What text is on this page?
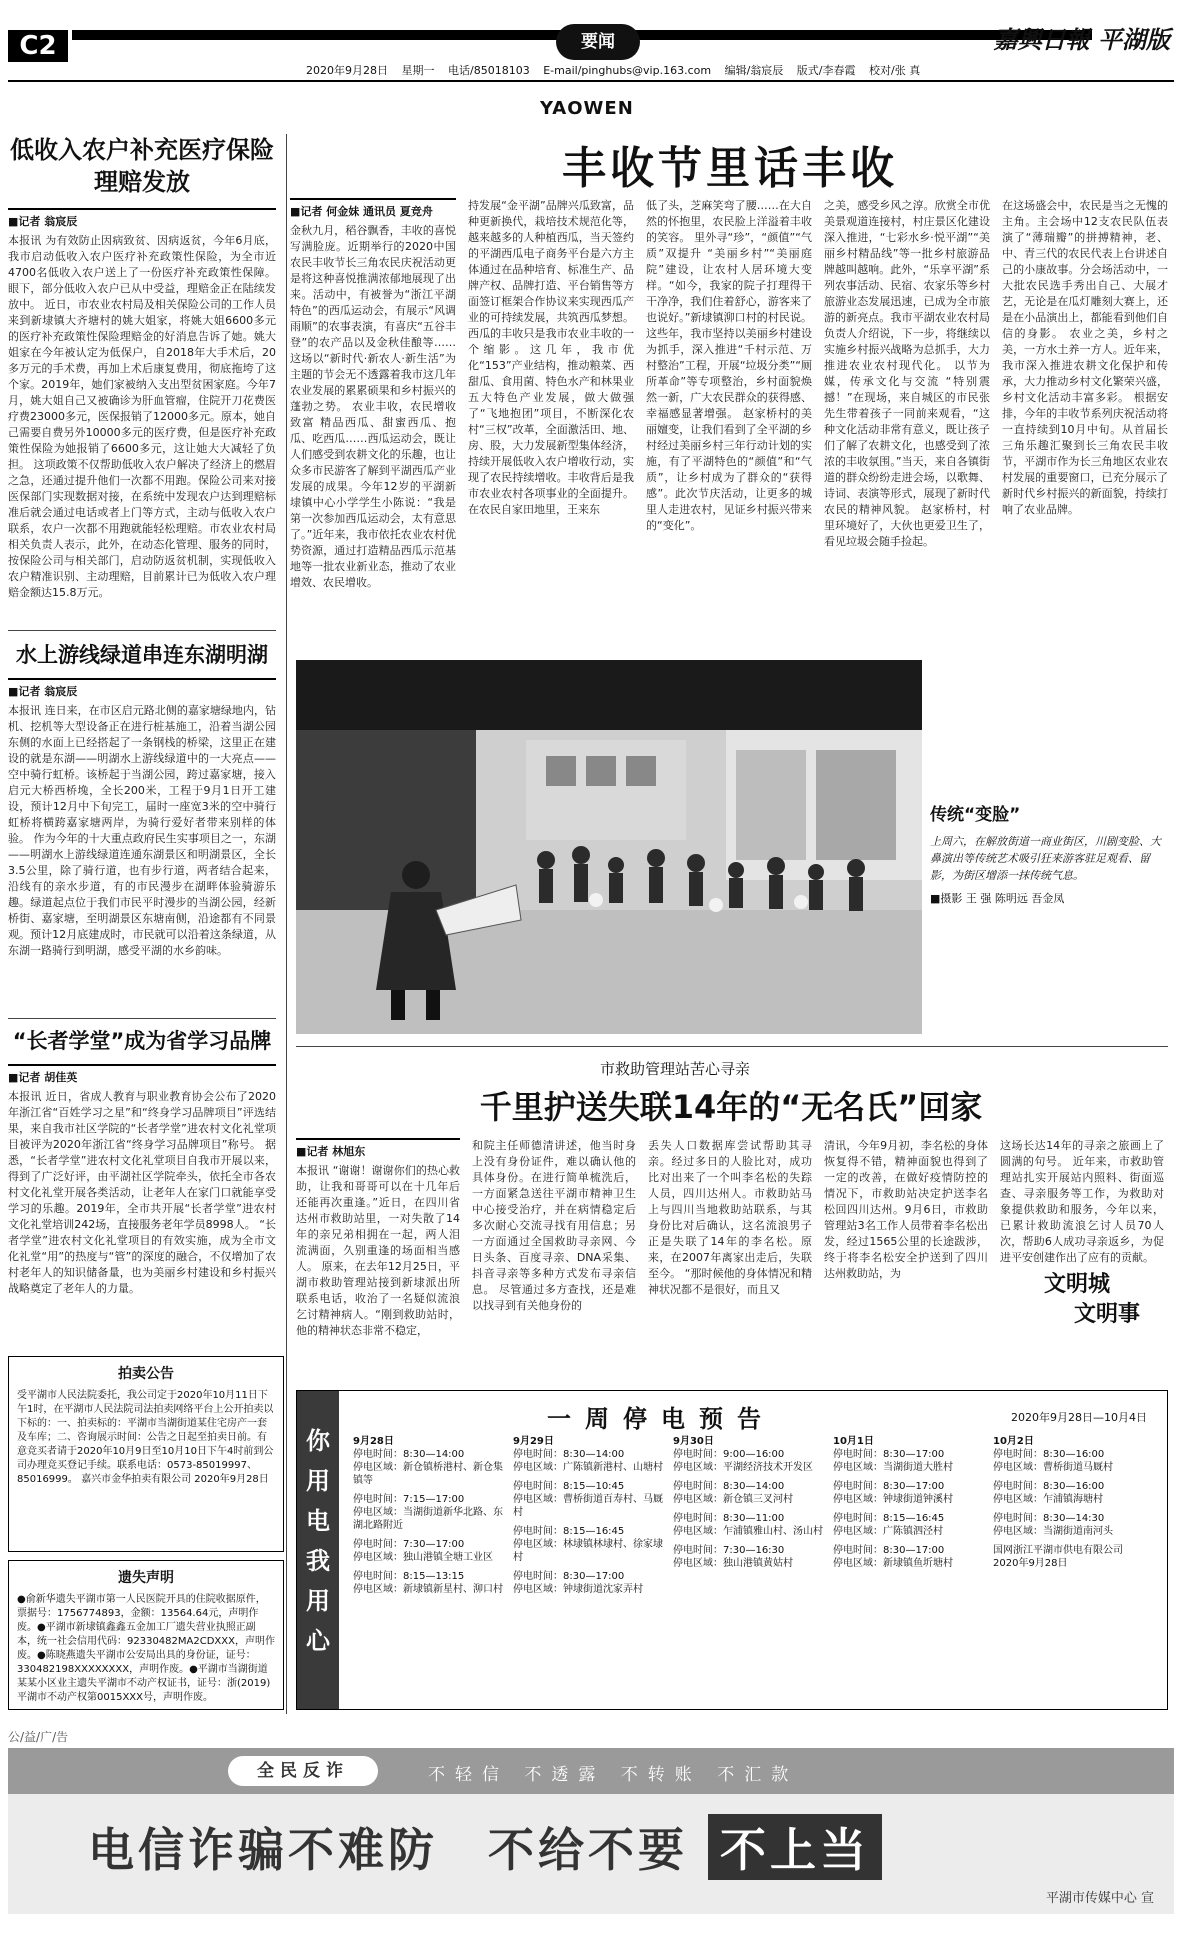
C2	要闻	嘉興日報 平湖版
2020年9月28日 星期一 电话/85018103 E-mail/pinghubs@vip.163.com 编辑/翁宸辰 版式/李春霞 校对/张 真
YAOWEN
低收入农户补充医疗保险理赔发放
■记者 翁宸辰
本报讯 为有效防止因病致贫、因病返贫，今年6月底，我市启动低收入农户医疗补充政策性保险，为全市近4700名低收入农户送上了一份医疗补充政策性保障。眼下，部分低收入农户已从中受益，理赔金正在陆续发放中。 近日，市农业农村局及相关保险公司的工作人员来到新埭镇大齐塘村的姚大姐家，将姚大姐6600多元的医疗补充政策性保险理赔金的好消息告诉了她。姚大姐家在今年被认定为低保户，自2018年大手术后，20多万元的手术费，再加上术后康复费用，彻底拖垮了这个家。2019年，她们家被纳入支出型贫困家庭。今年7月，姚大姐自己又被确诊为肝血管瘤，住院开刀花费医疗费23000多元，医保报销了12000多元。原本，她自己需要自费另外10000多元的医疗费，但是医疗补充政策性保险为她报销了6600多元，这让她大大减轻了负担。 这项政策不仅帮助低收入农户解决了经济上的燃眉之急，还通过提升他们一次都不用跑。保险公司来对接医保部门实现数据对接，在系统中发现农户达到理赔标准后就会通过电话或者上门等方式，主动与低收入农户联系，农户一次都不用跑就能轻松理赔。市农业农村局相关负责人表示，此外，在动态化管理、服务的同时，按保险公司与相关部门，启动防返贫机制，实现低收入农户精准识别、主动理赔，目前累计已为低收入农户理赔金额达15.8万元。
水上游线绿道串连东湖明湖
■记者 翁宸辰
本报讯 连日来，在市区启元路北侧的嘉家塘绿地内，钻机、挖机等大型设备正在进行桩基施工，沿着当湖公园东侧的水面上已经搭起了一条钢栈的桥梁，这里正在建设的就是东湖——明湖水上游线绿道中的一大亮点——空中骑行虹桥。该桥起于当湖公园，跨过嘉家塘，接入启元大桥西桥堍，全长200米，工程于9月1日开工建设，预计12月中下旬完工，届时一座宽3米的空中骑行虹桥将横跨嘉家塘两岸，为骑行爱好者带来别样的体验。 作为今年的十大重点政府民生实事项目之一，东湖——明湖水上游线绿道连通东湖景区和明湖景区，全长3.5公里，除了骑行道，也有步行道，两者结合起来，沿线有的亲水步道，有的市民漫步在湖畔体验骑游乐趣。绿道起点位于我们市民平时漫步的当湖公园，经新桥街、嘉家塘，至明湖景区东塘南侧，沿途都有不同景观。预计12月底建成时，市民就可以沿着这条绿道，从东湖一路骑行到明湖，感受平湖的水乡韵味。
“长者学堂”成为省学习品牌
■记者 胡佳英
本报讯 近日，省成人教育与职业教育协会公布了2020年浙江省“百姓学习之星”和“终身学习品牌项目”评选结果，来自我市社区学院的“长者学堂”进农村文化礼堂项目被评为2020年浙江省“终身学习品牌项目”称号。 据悉，“长者学堂”进农村文化礼堂项目自我市开展以来，得到了广泛好评，由平湖社区学院牵头，依托全市各农村文化礼堂开展各类活动，让老年人在家门口就能享受学习的乐趣。2019年，全市共开展“长者学堂”进农村文化礼堂培训242场，直接服务老年学员8998人。 “长者学堂”进农村文化礼堂项目的有效实施，成为全市文化礼堂“用”的热度与“管”的深度的融合，不仅增加了农村老年人的知识储备量，也为美丽乡村建设和乡村振兴战略奠定了老年人的力量。
拍卖公告
受平湖市人民法院委托，我公司定于2020年10月11日下午1时，在平湖市人民法院司法拍卖网络平台上公开拍卖以下标的：一、拍卖标的：平湖市当湖街道某住宅房产一套及车库；二、咨询展示时间：公告之日起至拍卖日前。有意竞买者请于2020年10月9日至10月10日下午4时前到公司办理竞买登记手续。联系电话：0573-85019997、85016999。 嘉兴市金华拍卖有限公司 2020年9月28日
遗失声明
●俞新华遗失平湖市第一人民医院开具的住院收据原件，票据号：1756774893，金额：13564.64元，声明作废。●平湖市新埭镇鑫鑫五金加工厂遗失营业执照正副本，统一社会信用代码：92330482MA2CDXXX，声明作废。●陈晓燕遗失平湖市公安局出具的身份证，证号：330482198XXXXXXXX，声明作废。●平湖市当湖街道某某小区业主遗失平湖市不动产权证书，证号：浙(2019)平湖市不动产权第0015XXX号，声明作废。
丰收节里话丰收
■记者 何金妹 通讯员 夏竞舟
金秋九月，稻谷飘香，丰收的喜悦写满脸庞。近期举行的2020中国农民丰收节长三角农民庆祝活动更是将这种喜悦推满浓郁地展现了出来。活动中，有被誉为“浙江平湖特色”的西瓜运动会，有展示“风调雨顺”的农事表演，有喜庆“五谷丰登”的农产品以及金秋佳酿等……这场以“新时代·新农人·新生活”为主题的节会无不透露着我市这几年农业发展的累累硕果和乡村振兴的蓬勃之势。 农业丰收，农民增收致富 精品西瓜、甜蜜西瓜、抱瓜、吃西瓜……西瓜运动会，既让人们感受到农耕文化的乐趣，也让众多市民游客了解到平湖西瓜产业发展的成果。今年12岁的平湖新埭镇中心小学学生小陈说：“我是第一次参加西瓜运动会，太有意思了。”近年来，我市依托农业农村优势资源，通过打造精品西瓜示范基地等一批农业新业态，推动了农业增效、农民增收。
持发展“金平湖”品牌兴瓜致富，品种更新换代，栽培技术规范化等，越来越多的人种植西瓜，当天签约的平湖西瓜电子商务平台是六方主体通过在品种培育、标准生产、品牌产权、品牌打造、平台销售等方面签订框架合作协议来实现西瓜产业的可持续发展，共筑西瓜梦想。 西瓜的丰收只是我市农业丰收的一个缩影。这几年，我市优化“153”产业结构，推动粮菜、西甜瓜、食用菌、特色水产和林果业五大特色产业发展，做大做强了“飞地抱团”项目，不断深化农村“三权”改革，全面激活田、地、房、股，大力发展新型集体经济，持续开展低收入农户增收行动，实现了农民持续增收。丰收背后是我市农业农村各项事业的全面提升。在农民自家田地里，王来东
低了头，芝麻笑弯了腰……在大自然的怀抱里，农民脸上洋溢着丰收的笑容。 里外寻“珍”，“颜值”“气质”双提升 “美丽乡村”“美丽庭院”建设，让农村人居环境大变样。“如今，我家的院子打理得干干净净，我们住着舒心，游客来了也说好。”新埭镇泖口村的村民说。这些年，我市坚持以美丽乡村建设为抓手，深入推进“千村示范、万村整治”工程，开展“垃圾分类”“厕所革命”等专项整治，乡村面貌焕然一新，广大农民群众的获得感、幸福感显著增强。 赵家桥村的美丽嬗变，让我们看到了全平湖的乡村经过美丽乡村三年行动计划的实施，有了平湖特色的“颜值”和“气质”，让乡村成为了群众的“获得感”。此次节庆活动，让更多的城里人走进农村，见证乡村振兴带来的“变化”。
之美，感受乡风之淳。欣赏全市优美景观道连接村，村庄景区化建设深入推进，“七彩水乡·悦平湖”“美丽乡村精品线”等一批乡村旅游品牌越叫越响。此外，“乐享平湖”系列农事活动、民宿、农家乐等乡村旅游业态发展迅速，已成为全市旅游的新亮点。我市平湖农业农村局负责人介绍说，下一步，将继续以实施乡村振兴战略为总抓手，大力推进农业农村现代化。 以节为媒，传承文化与交流 “特别震撼！”在现场，来自城区的市民张先生带着孩子一同前来观看，“这种文化活动非常有意义，既让孩子们了解了农耕文化，也感受到了浓浓的丰收氛围。”当天，来自各镇街道的群众纷纷走进会场，以歌舞、诗词、表演等形式，展现了新时代农民的精神风貌。 赵家桥村，村里环境好了，大伙也更爱卫生了，看见垃圾会随手捡起。
在这场盛会中，农民是当之无愧的主角。主会场中12支农民队伍表演了“薄瑞瓣”的拼搏精神，老、中、青三代的农民代表上台讲述自己的小康故事。分会场活动中，一大批农民选手秀出自己、大展才艺，无论是在瓜灯雕刻大赛上，还是在小品演出上，都能看到他们自信的身影。 农业之美，乡村之美，一方水土养一方人。近年来，我市深入推进农耕文化保护和传承，大力推动乡村文化繁荣兴盛，乡村文化活动丰富多彩。 根据安排，今年的丰收节系列庆祝活动将一直持续到10月中旬。从首届长三角乐趣汇聚到长三角农民丰收节，平湖市作为长三角地区农业农村发展的重要窗口，已充分展示了新时代乡村振兴的新面貌，持续打响了农业品牌。
传统“变脸”
上周六，在解放街道一商业街区，川剧变脸、大鼻演出等传统艺术吸引狂来游客驻足观看、留影，为街区增添一抹传统气息。
■摄影 王 强 陈明远 吾金凤
市救助管理站苦心寻亲
千里护送失联14年的“无名氏”回家
■记者 林旭东
本报讯 “谢谢！谢谢你们的热心救助，让我和哥哥可以在十几年后还能再次重逢。”近日，在四川省达州市救助站里，一对失散了14年的亲兄弟相拥在一起，两人泪流满面，久别重逢的场面相当感人。 原来，在去年12月25日，平湖市救助管理站接到新埭派出所联系电话，收治了一名疑似流浪乞讨精神病人。“刚到救助站时，他的精神状态非常不稳定，
和院主任师德清讲述，他当时身上没有身份证件，难以确认他的具体身份。在进行简单梳洗后，一方面紧急送往平湖市精神卫生中心接受治疗，并在病情稳定后多次耐心交流寻找有用信息；另一方面通过全国救助寻亲网、今日头条、百度寻亲、DNA采集、抖音寻亲等多种方式发布寻亲信息。 尽管通过多方查找，还是难以找寻到有关他身份的
丢失人口数据库尝试帮助其寻亲。经过多日的人脸比对，成功比对出来了一个叫李名松的失踪人员，四川达州人。市救助站马上与四川当地救助站联系，与其身份比对后确认，这名流浪男子正是失联了14年的李名松。原来，在2007年离家出走后，失联至今。 “那时候他的身体情况和精神状况都不是很好，而且又
清讯，今年9月初，李名松的身体恢复得不错，精神面貌也得到了一定的改善，在做好疫情防控的情况下，市救助站决定护送李名松回四川达州。9月6日，市救助管理站3名工作人员带着李名松出发，经过1565公里的长途跋涉，终于将李名松安全护送到了四川达州救助站，为
这场长达14年的寻亲之旅画上了圆满的句号。 近年来，市救助管理站扎实开展站内照料、街面巡查、寻亲服务等工作，为救助对象提供救助和服务，今年以来，已累计救助流浪乞讨人员70人次，帮助6人成功寻亲返乡，为促进平安创建作出了应有的贡献。
文明城
文明事
你
用
电
我
用
心
一周停电预告	2020年9月28日—10月4日
9月28日
停电时间：8:30—14:00
停电区域：新仓镇桥港村、新仓集镇等
停电时间：7:15—17:00
停电区域：当湖街道新华北路、东湖北路附近
停电时间：7:30—17:00
停电区域：独山港镇全塘工业区
停电时间：8:15—13:15
停电区域：新埭镇新星村、泖口村
9月29日
停电时间：8:30—14:00
停电区域：广陈镇新港村、山塘村
停电时间：8:15—10:45
停电区域：曹桥街道百寿村、马厩村
停电时间：8:15—16:45
停电区域：林埭镇林埭村、徐家埭村
停电时间：8:30—17:00
停电区域：钟埭街道沈家弄村
9月30日
停电时间：9:00—16:00
停电区域：平湖经济技术开发区
停电时间：8:30—14:00
停电区域：新仓镇三叉河村
停电时间：8:30—11:00
停电区域：乍浦镇雅山村、汤山村
停电时间：7:30—16:30
停电区域：独山港镇黄姑村
10月1日
停电时间：8:30—17:00
停电区域：当湖街道大胜村
停电时间：8:30—17:00
停电区域：钟埭街道钟溪村
停电时间：8:15—16:45
停电区域：广陈镇泗泾村
停电时间：8:30—17:00
停电区域：新埭镇鱼圻塘村
10月2日
停电时间：8:30—16:00
停电区域：曹桥街道马厩村
停电时间：8:30—16:00
停电区域：乍浦镇海塘村
停电时间：8:30—14:30
停电区域：当湖街道南河头
国网浙江平湖市供电有限公司
2020年9月28日
公/益/广/告
全民反诈	不轻信 不透露 不转账 不汇款
电信诈骗不难防 不给不要 不上当
平湖市传媒中心 宣
